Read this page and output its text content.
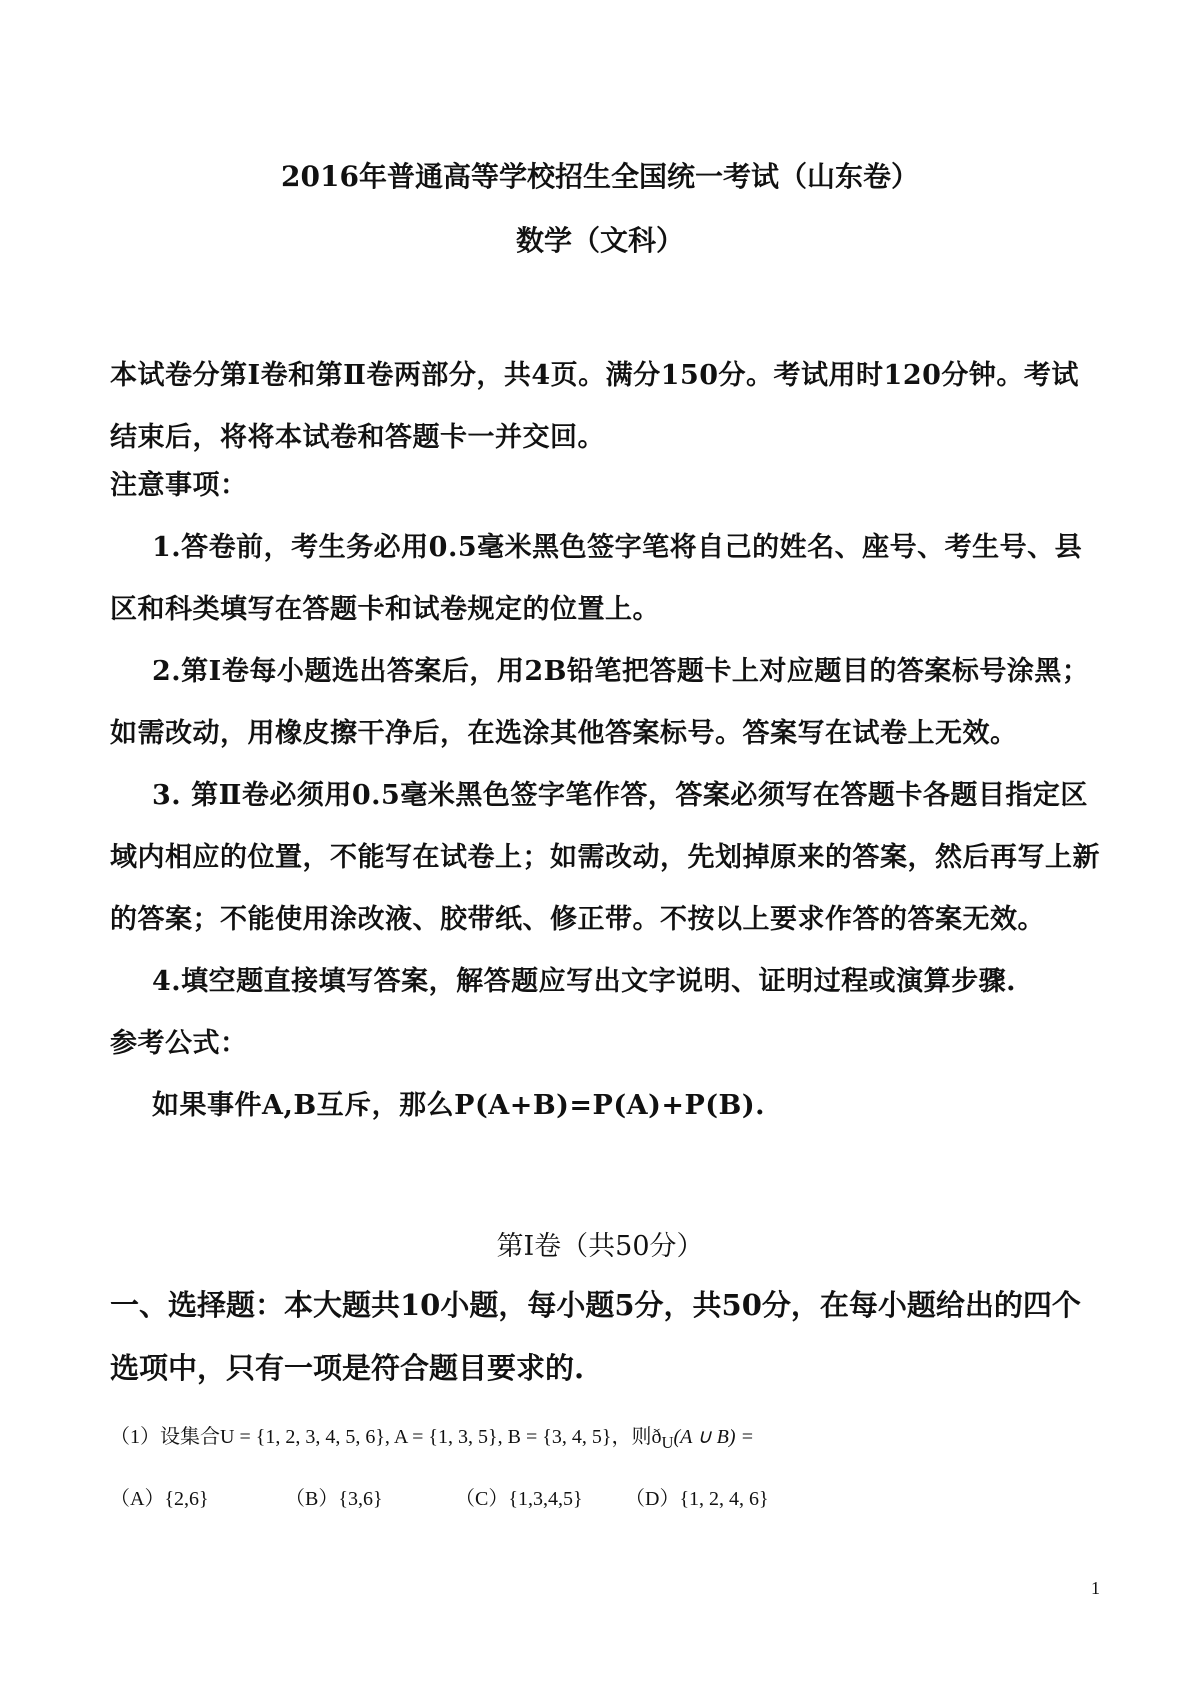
2016年普通高等学校招生全国统一考试（山东卷）
数学（文科）
本试卷分第Ⅰ卷和第Ⅱ卷两部分，共4页。满分150分。考试用时120分钟。考试结束后，将将本试卷和答题卡一并交回。
注意事项：
1.答卷前，考生务必用0.5毫米黑色签字笔将自己的姓名、座号、考生号、县区和科类填写在答题卡和试卷规定的位置上。
2.第Ⅰ卷每小题选出答案后，用2B铅笔把答题卡上对应题目的答案标号涂黑；如需改动，用橡皮擦干净后，在选涂其他答案标号。答案写在试卷上无效。
3. 第Ⅱ卷必须用0.5毫米黑色签字笔作答，答案必须写在答题卡各题目指定区域内相应的位置，不能写在试卷上；如需改动，先划掉原来的答案，然后再写上新的答案；不能使用涂改液、胶带纸、修正带。不按以上要求作答的答案无效。
4.填空题直接填写答案，解答题应写出文字说明、证明过程或演算步骤.
参考公式：
如果事件A,B互斥，那么P(A+B)=P(A)+P(B).
第Ⅰ卷（共50分）
一、选择题：本大题共10小题，每小题5分，共50分，在每小题给出的四个选项中，只有一项是符合题目要求的.
（1）设集合U = {1, 2, 3, 4, 5, 6}, A = {1, 3, 5}, B = {3, 4, 5}，则$ð_U(A$ ∪ B) =
（A）{2,6}	（B）{3,6}	（C）{1,3,4,5} （D）{1, 2, 4, 6}
1
